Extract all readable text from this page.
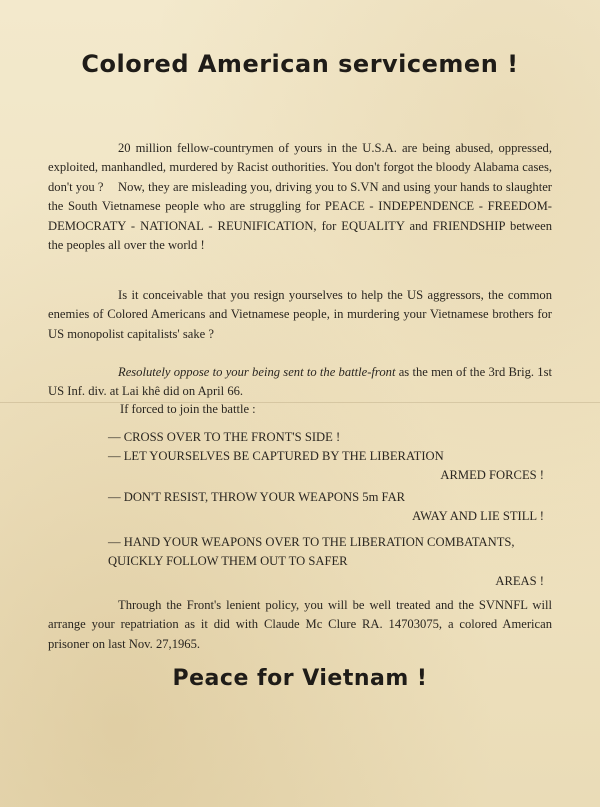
Colored American servicemen !
20 million fellow-countrymen of yours in the U.S.A. are being abused, oppressed, exploited, manhandled, murdered by Racist outhorities. You don't forgot the bloody Alabama cases, don't you ?	Now, they are misleading you, driving you to S.VN and using your hands to slaughter the South Vietnamese people who are struggling for PEACE - INDEPENDENCE - FREEDOM-DEMOCRATY - NATIONAL - REUNIFICATION, for EQUALITY and FRIENDSHIP between the peoples all over the world !
Is it conceivable that you resign yourselves to help the US aggressors, the common enemies of Colored Americans and Vietnamese people, in murdering your Vietnamese brothers for US monopolist capitalists' sake ?
Resolutely oppose to your being sent to the battle-front as the men of the 3rd Brig. 1st US Inf. div. at Lai khê did on April 66.
If forced to join the battle :
— CROSS OVER TO THE FRONT'S SIDE !
— LET YOURSELVES BE CAPTURED BY THE LIBERATION
ARMED FORCES !
— DON'T RESIST, THROW YOUR WEAPONS 5m FAR
AWAY AND LIE STILL !
— HAND YOUR WEAPONS OVER TO THE LIBERATION COMBATANTS, QUICKLY FOLLOW THEM OUT TO SAFER
AREAS !
Through the Front's lenient policy, you will be well treated and the SVNNFL will arrange your repatriation as it did with Claude Mc Clure RA. 14703075, a colored American prisoner on last Nov. 27,1965.
Peace for Vietnam !
